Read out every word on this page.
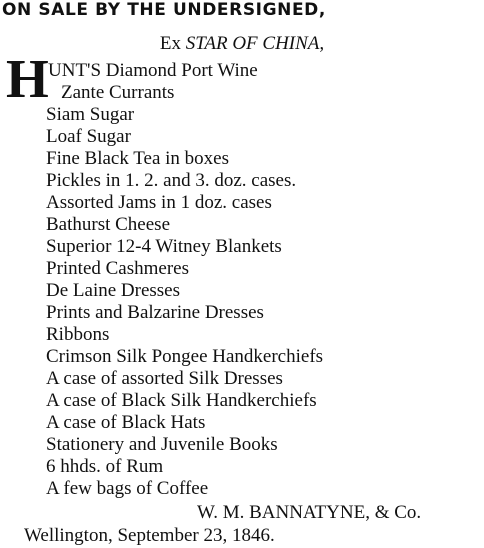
ON SALE BY THE UNDERSIGNED,
Ex STAR OF CHINA,
H UNT'S Diamond Port Wine
Zante Currants
Siam Sugar
Loaf Sugar
Fine Black Tea in boxes
Pickles in 1. 2. and 3. doz. cases.
Assorted Jams in 1 doz. cases
Bathurst Cheese
Superior 12-4 Witney Blankets
Printed Cashmeres
De Laine Dresses
Prints and Balzarine Dresses
Ribbons
Crimson Silk Pongee Handkerchiefs
A case of assorted Silk Dresses
A case of Black Silk Handkerchiefs
A case of Black Hats
Stationery and Juvenile Books
6 hhds. of Rum
A few bags of Coffee
W. M. BANNATYNE, & Co.
Wellington, September 23, 1846.
